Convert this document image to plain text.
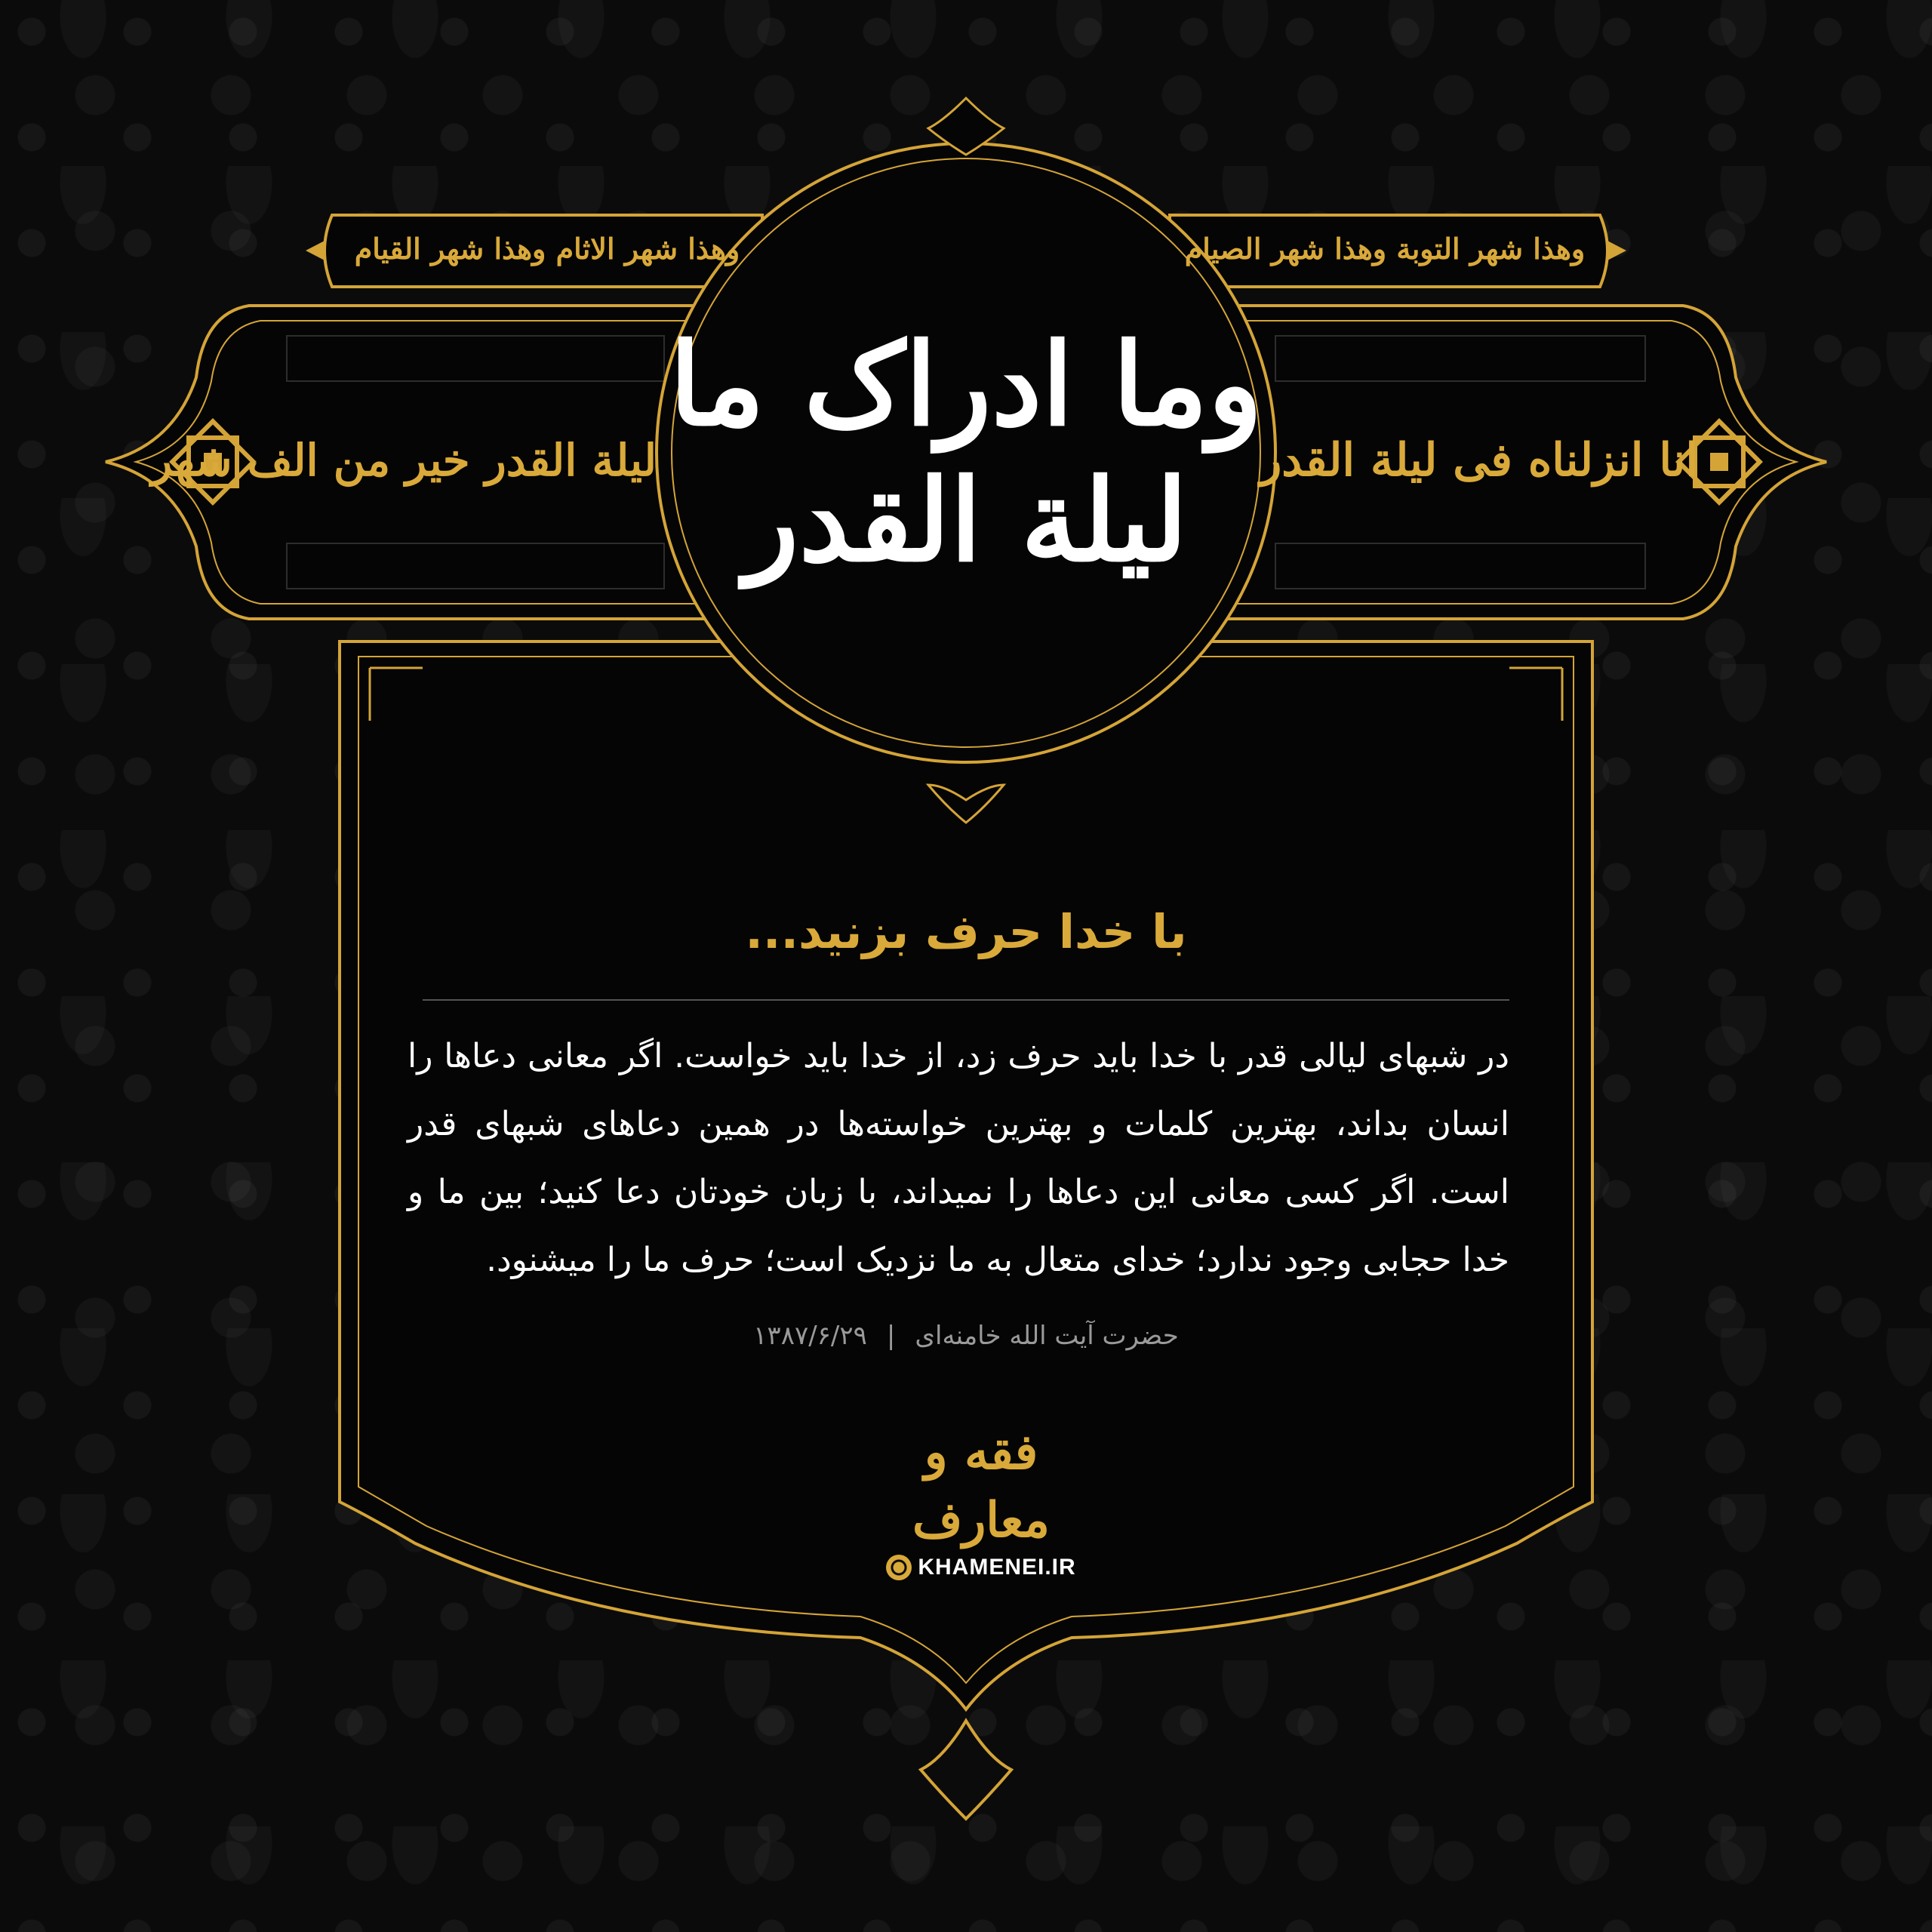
وهذا شهر التوبة وهذا شهر الصیام
وهذا شهر الاثام وهذا شهر القیام
انا انزلناه فی لیلة القدر
لیلة القدر خیر من الف شهر
وما ادراک ما لیلة القدر
با خدا حرف بزنید...
در شبهای لیالی قدر با خدا باید حرف زد، از خدا باید خواست. اگر معانی دعاها را انسان بداند، بهترین کلمات و بهترین خواسته‌ها در همین دعاهای شبهای قدر است. اگر کسی معانی این دعاها را نمیداند، با زبان خودتان دعا کنید؛ بین ما و خدا حجابی وجود ندارد؛ خدای متعال به ما نزدیک است؛ حرف ما را میشنود.
حضرت آیت الله خامنه‌ای|۱۳۸۷/۶/۲۹
فقه و معارف
KHAMENEI.IR
